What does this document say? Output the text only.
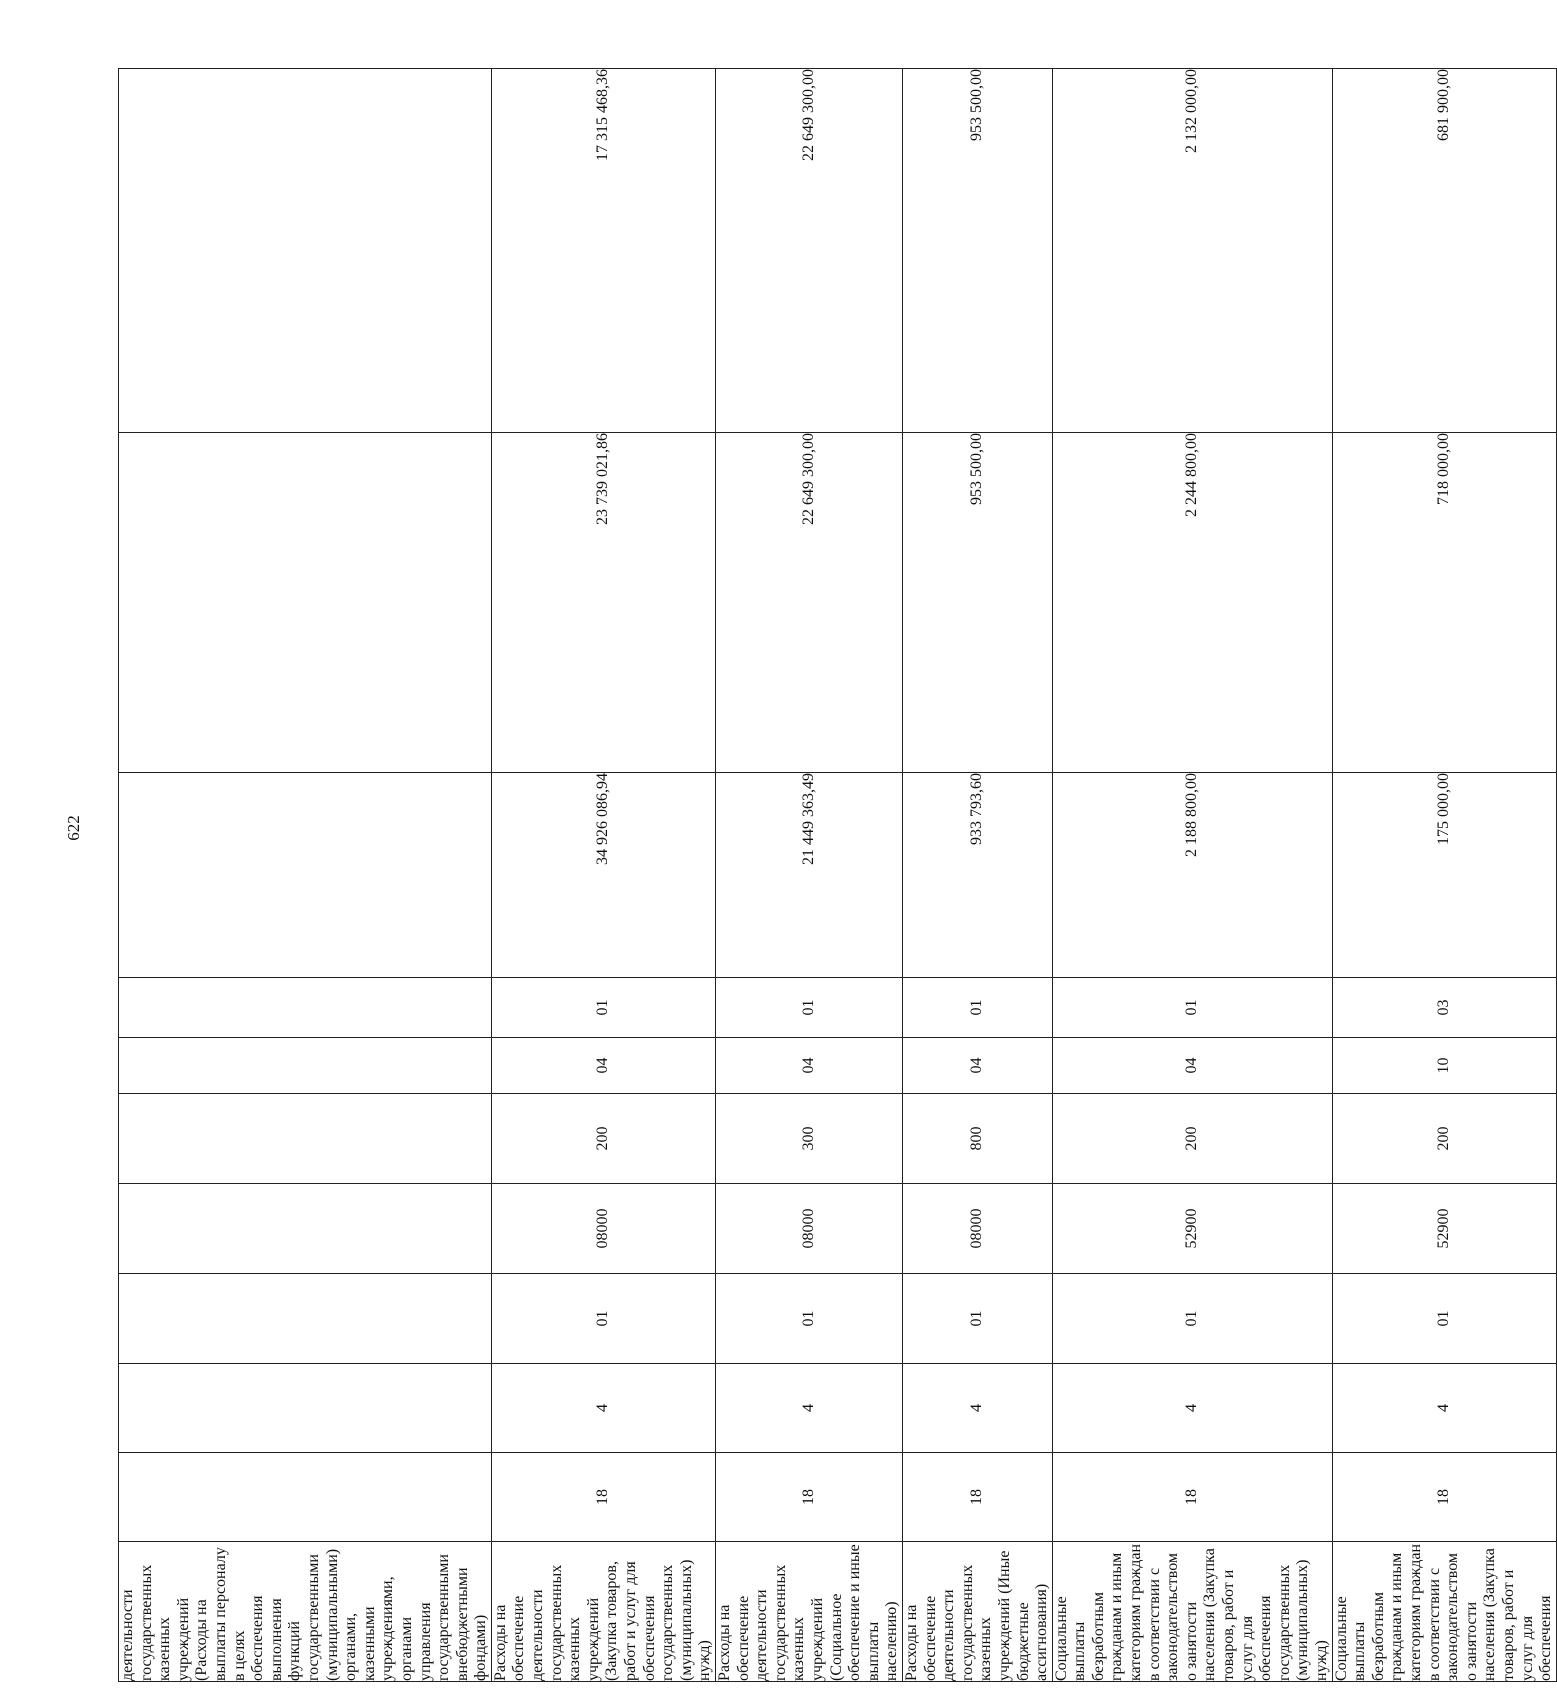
622
деятельности государственных казенных учреждений (Расходы на выплаты персоналу в целях обеспечения выполнения функций государственными (муниципальными) органами, казенными учреждениями, органами управления государственными внебюджетными фондами)										
Расходы на обеспечение деятельности государственных казенных учреждений (Закупка товаров, работ и услуг для обеспечения государственных (муниципальных) нужд)	18	4	01	08000	200	04	01	34 926 086,94	23 739 021,86	17 315 468,36
Расходы на обеспечение деятельности государственных казенных учреждений (Социальное обеспечение и иные выплаты населению)	18	4	01	08000	300	04	01	21 449 363,49	22 649 300,00	22 649 300,00
Расходы на обеспечение деятельности государственных казенных учреждений (Иные бюджетные ассигнования)	18	4	01	08000	800	04	01	933 793,60	953 500,00	953 500,00
Социальные выплаты безработным гражданам и иным категориям граждан в соответствии с законодательством о занятости населения (Закупка товаров, работ и услуг для обеспечения государственных (муниципальных) нужд)	18	4	01	52900	200	04	01	2 188 800,00	2 244 800,00	2 132 000,00
Социальные выплаты безработным гражданам и иным категориям граждан в соответствии с законодательством о занятости населения (Закупка товаров, работ и услуг для обеспечения	18	4	01	52900	200	10	03	175 000,00	718 000,00	681 900,00
